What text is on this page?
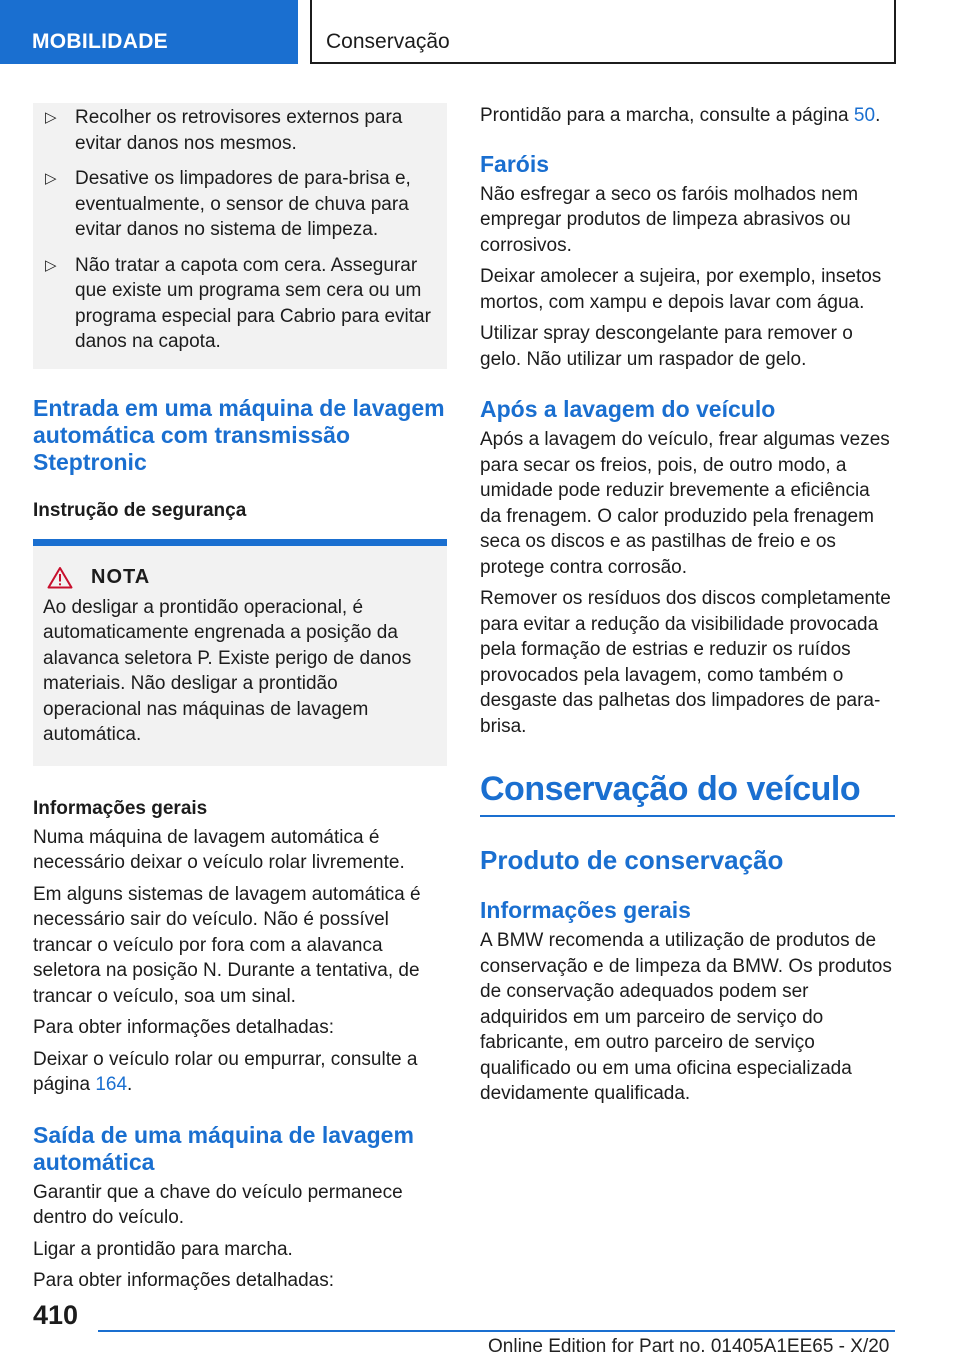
MOBILIDADE	Conservação
▷ Recolher os retrovisores externos para evitar danos nos mesmos.
▷ Desative os limpadores de para-brisa e, eventualmente, o sensor de chuva para evitar danos no sistema de limpeza.
▷ Não tratar a capota com cera. Assegurar que existe um programa sem cera ou um programa especial para Cabrio para evitar danos na capota.
Entrada em uma máquina de lavagem automática com transmissão Steptronic
Instrução de segurança
NOTA

Ao desligar a prontidão operacional, é automaticamente engrenada a posição da alavanca seletora P. Existe perigo de danos materiais. Não desligar a prontidão operacional nas máquinas de lavagem automática.

Informações gerais

Numa máquina de lavagem automática é necessário deixar o veículo rolar livremente.

Em alguns sistemas de lavagem automática é necessário sair do veículo. Não é possível trancar o veículo por fora com a alavanca seletora na posição N. Durante a tentativa, de trancar o veículo, soa um sinal.

Para obter informações detalhadas:

Deixar o veículo rolar ou empurrar, consulte a página 164.

Saída de uma máquina de lavagem automática

Garantir que a chave do veículo permanece dentro do veículo.

Ligar a prontidão para marcha.

Para obter informações detalhadas:

Prontidão para a marcha, consulte a página 50.

Faróis

Não esfregar a seco os faróis molhados nem empregar produtos de limpeza abrasivos ou corrosivos.

Deixar amolecer a sujeira, por exemplo, insetos mortos, com xampu e depois lavar com água.

Utilizar spray descongelante para remover o gelo. Não utilizar um raspador de gelo.

Após a lavagem do veículo

Após a lavagem do veículo, frear algumas vezes para secar os freios, pois, de outro modo, a umidade pode reduzir brevemente a eficiência da frenagem. O calor produzido pela frenagem seca os discos e as pastilhas de freio e os protege contra corrosão.

Remover os resíduos dos discos completamente para evitar a redução da visibilidade provocada pela formação de estrias e reduzir os ruídos provocados pela lavagem, como também o desgaste das palhetas dos limpadores de para-brisa.

Conservação do veículo
Produto de conservação
Informações gerais

A BMW recomenda a utilização de produtos de conservação e de limpeza da BMW. Os produtos de conservação adequados podem ser adquiridos em um parceiro de serviço do fabricante, em outro parceiro de serviço qualificado ou em uma oficina especializada devidamente qualificada.

410
Online Edition for Part no. 01405A1EE65 - X/20
